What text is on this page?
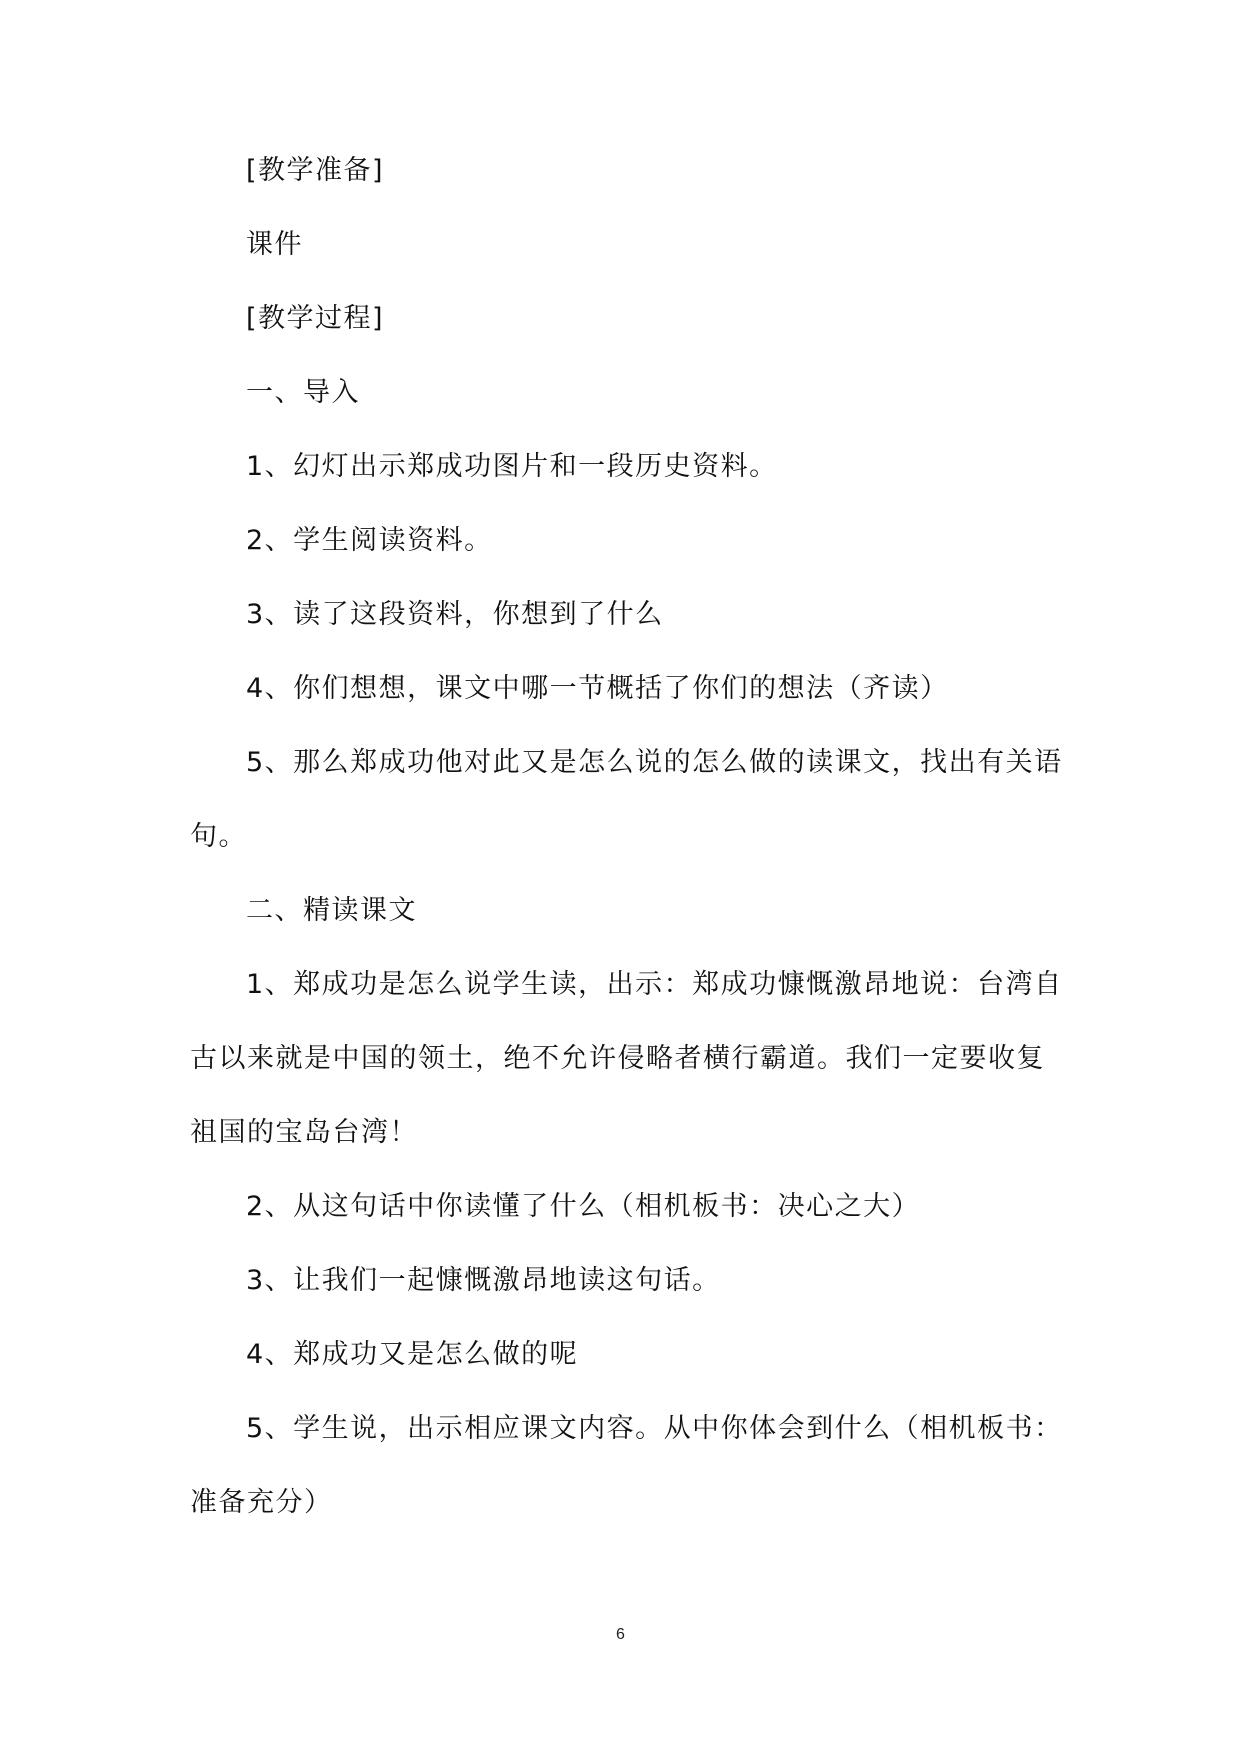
[教学准备]

课件

[教学过程]

一、导入

1、幻灯出示郑成功图片和一段历史资料。

2、学生阅读资料。

3、读了这段资料，你想到了什么

4、你们想想，课文中哪一节概括了你们的想法（齐读）

5、那么郑成功他对此又是怎么说的怎么做的读课文，找出有关语句。

二、精读课文

1、郑成功是怎么说学生读，出示：郑成功慷慨激昂地说：台湾自古以来就是中国的领土，绝不允许侵略者横行霸道。我们一定要收复祖国的宝岛台湾！

2、从这句话中你读懂了什么（相机板书：决心之大）

3、让我们一起慷慨激昂地读这句话。

4、郑成功又是怎么做的呢

5、学生说，出示相应课文内容。从中你体会到什么（相机板书：准备充分）

6
